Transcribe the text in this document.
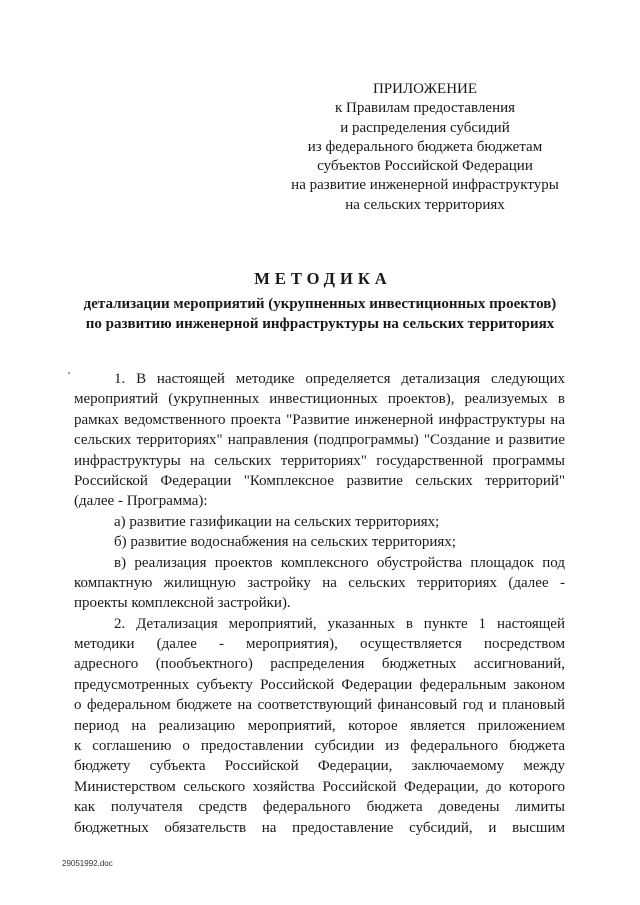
ПРИЛОЖЕНИЕ
к Правилам предоставления
и распределения субсидий
из федерального бюджета бюджетам
субъектов Российской Федерации
на развитие инженерной инфраструктуры
на сельских территориях
МЕТОДИКА
детализации мероприятий (укрупненных инвестиционных проектов)
по развитию инженерной инфраструктуры на сельских территориях
1. В настоящей методике определяется детализация следующих
мероприятий (укрупненных инвестиционных проектов), реализуемых в
рамках ведомственного проекта "Развитие инженерной инфраструктуры на
сельских территориях" направления (подпрограммы) "Создание и развитие
инфраструктуры на сельских территориях" государственной программы
Российской Федерации "Комплексное развитие сельских территорий"
(далее - Программа):
а) развитие газификации на сельских территориях;
б) развитие водоснабжения на сельских территориях;
в) реализация проектов комплексного обустройства площадок под
компактную жилищную застройку на сельских территориях (далее -
проекты комплексной застройки).
2. Детализация мероприятий, указанных в пункте 1 настоящей
методики (далее - мероприятия), осуществляется посредством
адресного (пообъектного) распределения бюджетных ассигнований,
предусмотренных субъекту Российской Федерации федеральным законом
о федеральном бюджете на соответствующий финансовый год и плановый
период на реализацию мероприятий, которое является приложением
к соглашению о предоставлении субсидии из федерального бюджета
бюджету субъекта Российской Федерации, заключаемому между
Министерством сельского хозяйства Российской Федерации, до которого
как получателя средств федерального бюджета доведены лимиты
бюджетных обязательств на предоставление субсидий, и высшим
29051992.doc
